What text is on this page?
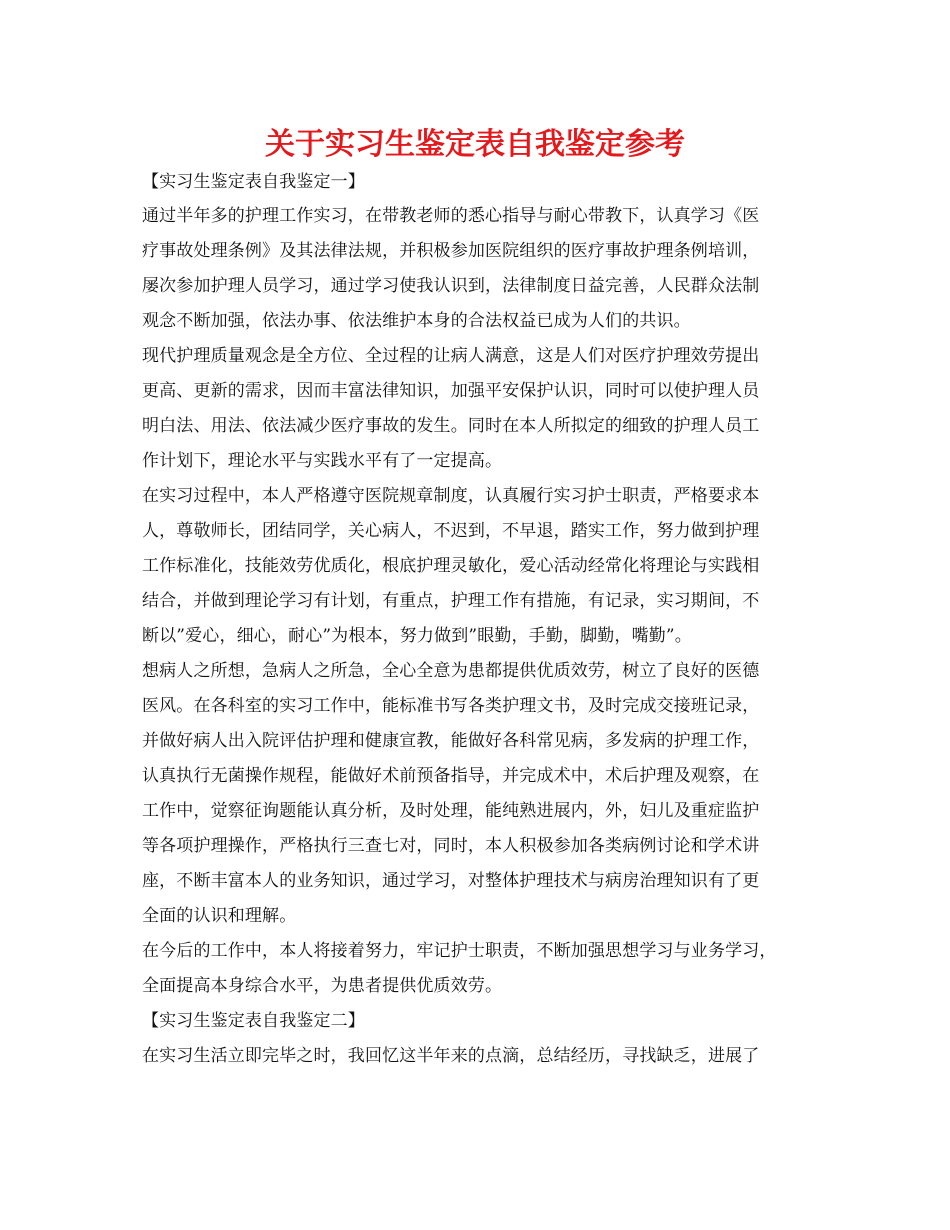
关于实习生鉴定表自我鉴定参考
【实习生鉴定表自我鉴定一】
通过半年多的护理工作实习，在带教老师的悉心指导与耐心带教下，认真学习《医
疗事故处理条例》及其法律法规，并积极参加医院组织的医疗事故护理条例培训，
屡次参加护理人员学习，通过学习使我认识到，法律制度日益完善，人民群众法制
观念不断加强，依法办事、依法维护本身的合法权益已成为人们的共识。
现代护理质量观念是全方位、全过程的让病人满意，这是人们对医疗护理效劳提出
更高、更新的需求，因而丰富法律知识，加强平安保护认识，同时可以使护理人员
明白法、用法、依法减少医疗事故的发生。同时在本人所拟定的细致的护理人员工
作计划下，理论水平与实践水平有了一定提高。
在实习过程中，本人严格遵守医院规章制度，认真履行实习护士职责，严格要求本
人，尊敬师长，团结同学，关心病人，不迟到，不早退，踏实工作，努力做到护理
工作标准化，技能效劳优质化，根底护理灵敏化，爱心活动经常化将理论与实践相
结合，并做到理论学习有计划，有重点，护理工作有措施，有记录，实习期间，不
断以”爱心，细心，耐心”为根本，努力做到”眼勤，手勤，脚勤，嘴勤”。
想病人之所想，急病人之所急，全心全意为患都提供优质效劳，树立了良好的医德
医风。在各科室的实习工作中，能标准书写各类护理文书，及时完成交接班记录，
并做好病人出入院评估护理和健康宣教，能做好各科常见病，多发病的护理工作，
认真执行无菌操作规程，能做好术前预备指导，并完成术中，术后护理及观察，在
工作中，觉察征询题能认真分析，及时处理，能纯熟进展内，外，妇儿及重症监护
等各项护理操作，严格执行三查七对，同时，本人积极参加各类病例讨论和学术讲
座，不断丰富本人的业务知识，通过学习，对整体护理技术与病房治理知识有了更
全面的认识和理解。
在今后的工作中，本人将接着努力，牢记护士职责，不断加强思想学习与业务学习，
全面提高本身综合水平，为患者提供优质效劳。
【实习生鉴定表自我鉴定二】
在实习生活立即完毕之时，我回忆这半年来的点滴，总结经历，寻找缺乏，进展了
